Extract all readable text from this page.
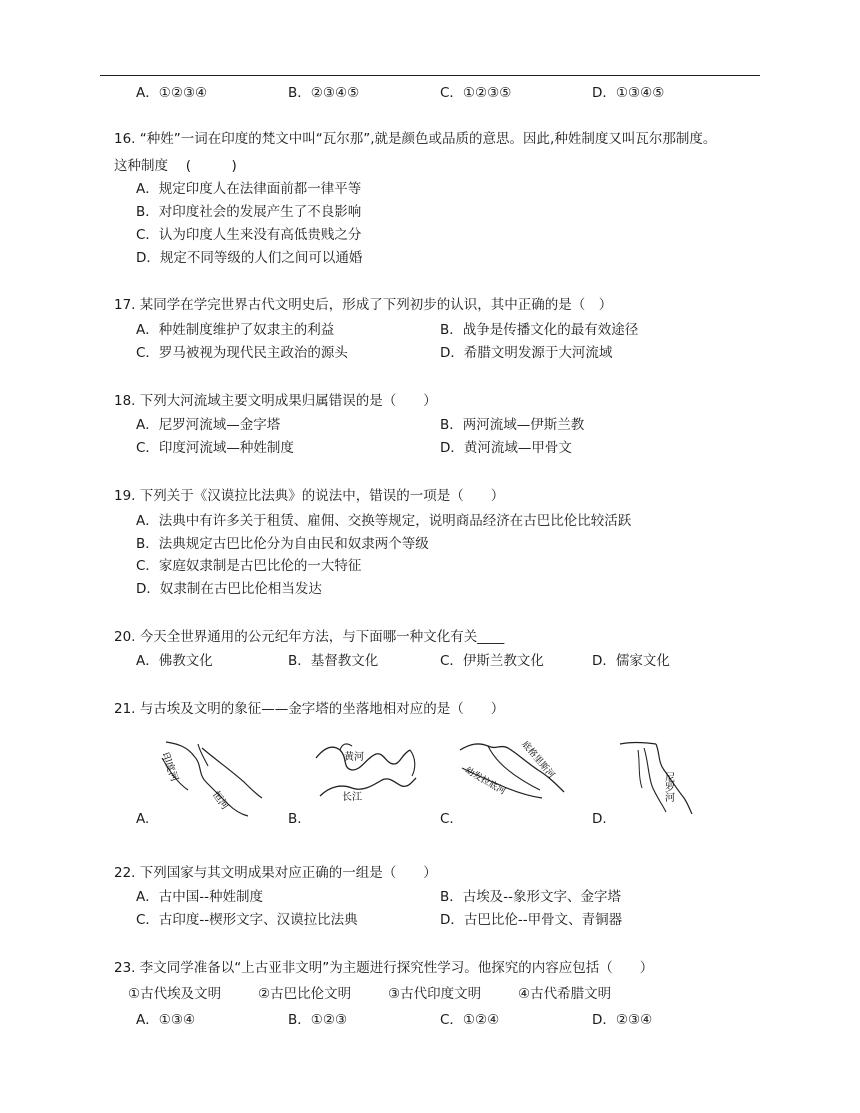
A．①②③④	B．②③④⑤	C．①②③⑤	D．①③④⑤
16. “种姓”一词在印度的梵文中叫“瓦尔那”,就是颜色或品质的意思。因此,种姓制度又叫瓦尔那制度。
这种制度　 (　　　)
A．规定印度人在法律面前都一律平等
B．对印度社会的发展产生了不良影响
C．认为印度人生来没有高低贵贱之分
D．规定不同等级的人们之间可以通婚
17. 某同学在学完世界古代文明史后，形成了下列初步的认识，其中正确的是（　）
A．种姓制度维护了奴隶主的利益	B．战争是传播文化的最有效途径
C．罗马被视为现代民主政治的源头	D．希腊文明发源于大河流域
18. 下列大河流域主要文明成果归属错误的是（　　）
A．尼罗河流域—金字塔	B．两河流域—伊斯兰教
C．印度河流域—种姓制度	D．黄河流域—甲骨文
19. 下列关于《汉谟拉比法典》的说法中，错误的一项是（　　）
A．法典中有许多关于租赁、雇佣、交换等规定，说明商品经济在古巴比伦比较活跃
B．法典规定古巴比伦分为自由民和奴隶两个等级
C．家庭奴隶制是古巴比伦的一大特征
D．奴隶制在古巴比伦相当发达
20. 今天全世界通用的公元纪年方法，与下面哪一种文化有关____
A．佛教文化	B．基督教文化	C．伊斯兰教文化	D．儒家文化
21. 与古埃及文明的象征——金字塔的坐落地相对应的是（　　）
印度河
恒河
黄河
长江
底格里斯河
幼发拉底河	尼罗河
A.	B.	C.	D.
22. 下列国家与其文明成果对应正确的一组是（　　）
A．古中国--种姓制度	B．古埃及--象形文字、金字塔
C．古印度--楔形文字、汉谟拉比法典	D．古巴比伦--甲骨文、青铜器
23. 李文同学准备以“上古亚非文明”为主题进行探究性学习。他探究的内容应包括（　　）
①古代埃及文明	②古巴比伦文明	③古代印度文明	④古代希腊文明
A．①③④	B．①②③	C．①②④	D．②③④
